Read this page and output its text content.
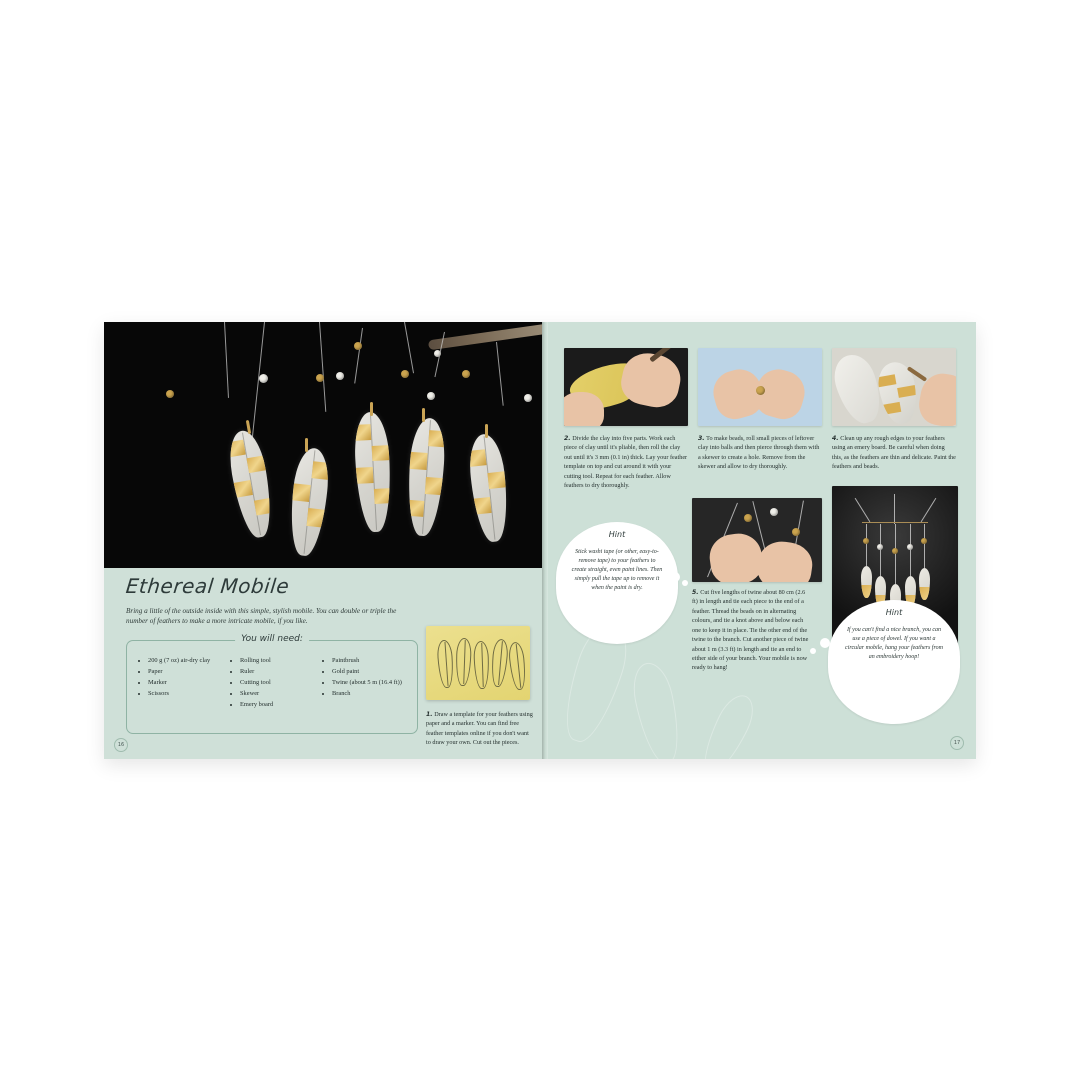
Ethereal Mobile
Bring a little of the outside inside with this simple, stylish mobile. You can double or triple the number of feathers to make a more intricate mobile, if you like.
You will need:
• 200 g (7 oz) air-dry clay
• Paper
• Marker
• Scissors
• Rolling tool
• Ruler
• Cutting tool
• Skewer
• Emery board
• Paintbrush
• Gold paint
• Twine (about 5 m (16.4 ft))
• Branch
1. Draw a template for your feathers using paper and a marker. You can find free feather templates online if you don't want to draw your own. Cut out the pieces.
16
2. Divide the clay into five parts. Work each piece of clay until it's pliable, then roll the clay out until it's 3 mm (0.1 in) thick. Lay your feather template on top and cut around it with your cutting tool. Repeat for each feather. Allow feathers to dry thoroughly.
3. To make beads, roll small pieces of leftover clay into balls and then pierce through them with a skewer to create a hole. Remove from the skewer and allow to dry thoroughly.
4. Clean up any rough edges to your feathers using an emery board. Be careful when doing this, as the feathers are thin and delicate. Paint the feathers and beads.
Hint
Stick washi tape (or other, easy-to-remove tape) to your feathers to create straight, even paint lines. Then simply pull the tape up to remove it when the paint is dry.
5. Cut five lengths of twine about 80 cm (2.6 ft) in length and tie each piece to the end of a feather. Thread the beads on in alternating colours, and tie a knot above and below each one to keep it in place. Tie the other end of the twine to the branch. Cut another piece of twine about 1 m (3.3 ft) in length and tie an end to either side of your branch. Your mobile is now ready to hang!
Hint
If you can't find a nice branch, you can use a piece of dowel. If you want a circular mobile, hang your feathers from an embroidery hoop!
17
